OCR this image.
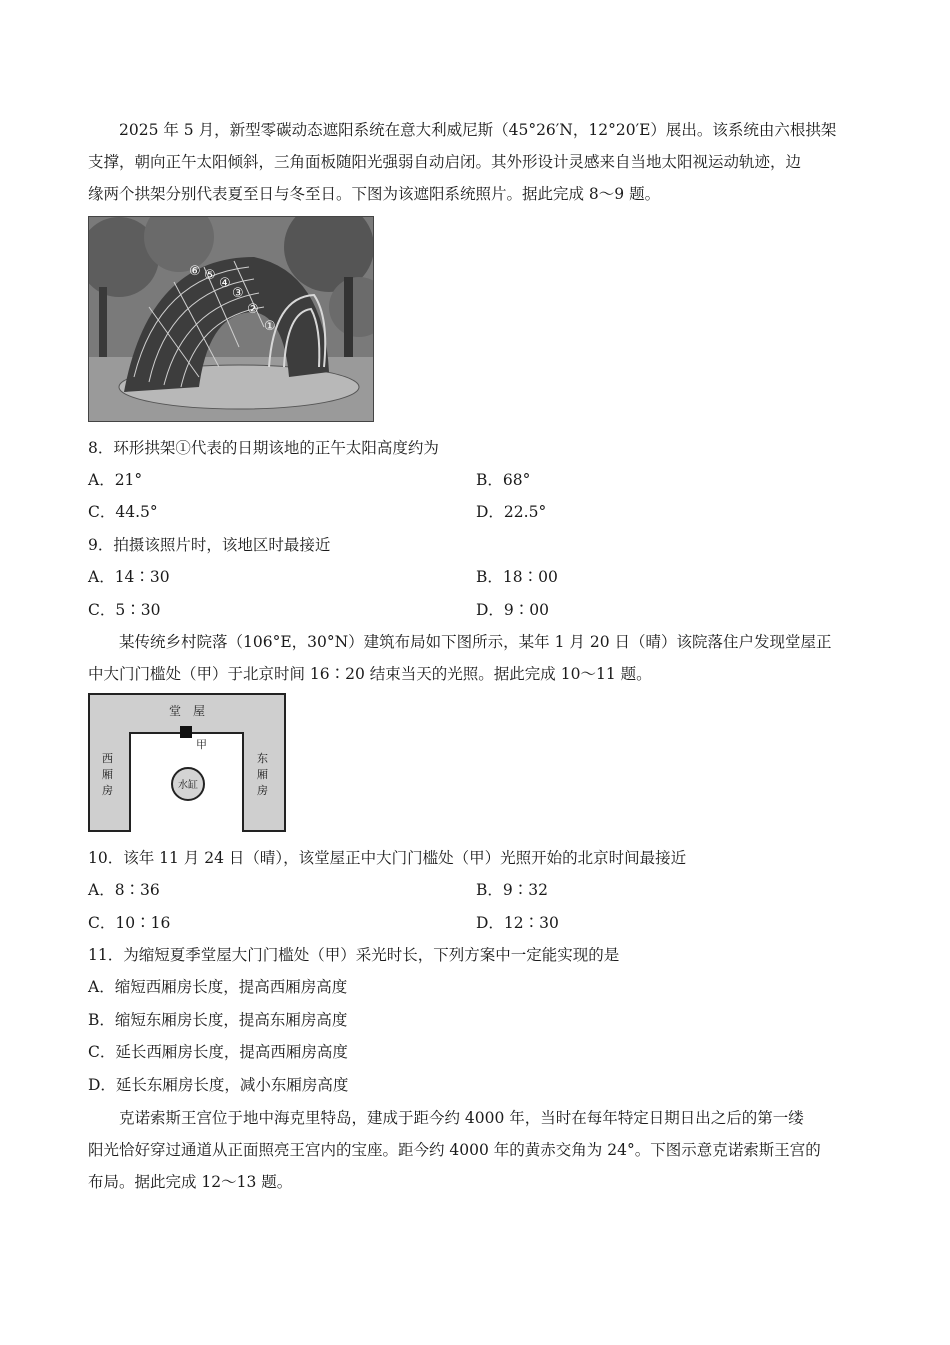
2025 年 5 月，新型零碳动态遮阳系统在意大利威尼斯（45°26′N，12°20′E）展出。该系统由六根拱架
支撑，朝向正午太阳倾斜，三角面板随阳光强弱自动启闭。其外形设计灵感来自当地太阳视运动轨迹，边
缘两个拱架分别代表夏至日与冬至日。下图为该遮阳系统照片。据此完成 8～9 题。
⑥ ⑤
④
③
②
①
8．环形拱架①代表的日期该地的正午太阳高度约为
A．21°	B．68°
C．44.5°	D．22.5°
9．拍摄该照片时，该地区时最接近
A．14∶30	B．18∶00
C．5∶30	D．9∶00
某传统乡村院落（106°E，30°N）建筑布局如下图所示，某年 1 月 20 日（晴）该院落住户发现堂屋正
中大门门槛处（甲）于北京时间 16∶20 结束当天的光照。据此完成 10～11 题。
堂　屋
甲
水缸
西厢房
东厢房
10．该年 11 月 24 日（晴），该堂屋正中大门门槛处（甲）光照开始的北京时间最接近
A．8∶36	B．9∶32
C．10∶16	D．12∶30
11．为缩短夏季堂屋大门门槛处（甲）采光时长，下列方案中一定能实现的是
A．缩短西厢房长度，提高西厢房高度
B．缩短东厢房长度，提高东厢房高度
C．延长西厢房长度，提高西厢房高度
D．延长东厢房长度，减小东厢房高度
克诺索斯王宫位于地中海克里特岛，建成于距今约 4000 年，当时在每年特定日期日出之后的第一缕
阳光恰好穿过通道从正面照亮王宫内的宝座。距今约 4000 年的黄赤交角为 24°。下图示意克诺索斯王宫的
布局。据此完成 12～13 题。
